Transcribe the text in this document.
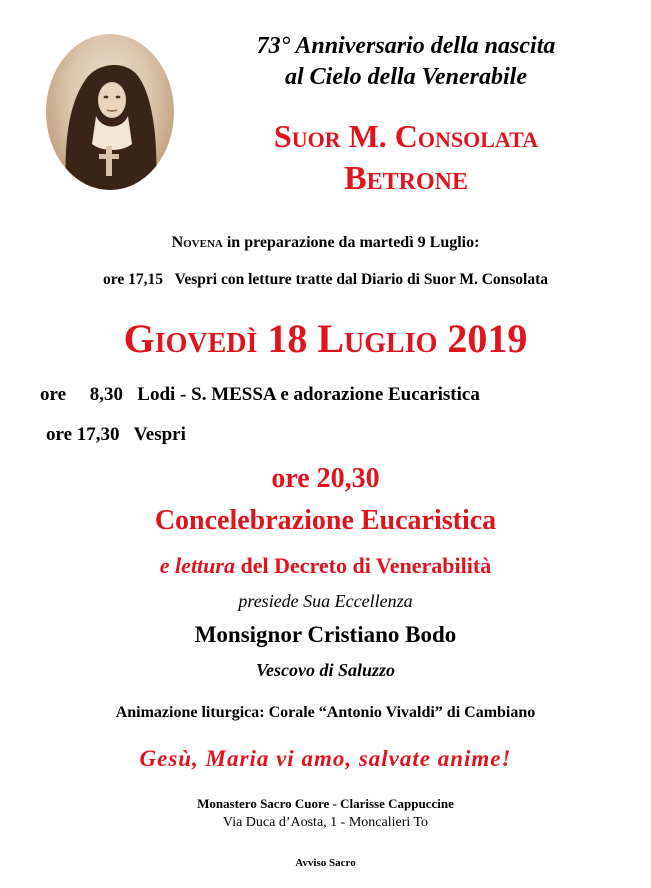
73° Anniversario della nascita
al Cielo della Venerabile
Suor M. Consolata
Betrone
Novena in preparazione da martedì 9 Luglio:
ore 17,15 Vespri con letture tratte dal Diario di Suor M. Consolata
Giovedì 18 Luglio 2019
ore 8,30 Lodi - S. MESSA e adorazione Eucaristica
ore 17,30 Vespri
ore 20,30
Concelebrazione Eucaristica
e lettura del Decreto di Venerabilità
presiede Sua Eccellenza
Monsignor Cristiano Bodo
Vescovo di Saluzzo
Animazione liturgica: Corale “Antonio Vivaldi” di Cambiano
Gesù, Maria vi amo, salvate anime!
Monastero Sacro Cuore - Clarisse Cappuccine
Via Duca d’Aosta, 1 - Moncalieri To
Avviso Sacro
